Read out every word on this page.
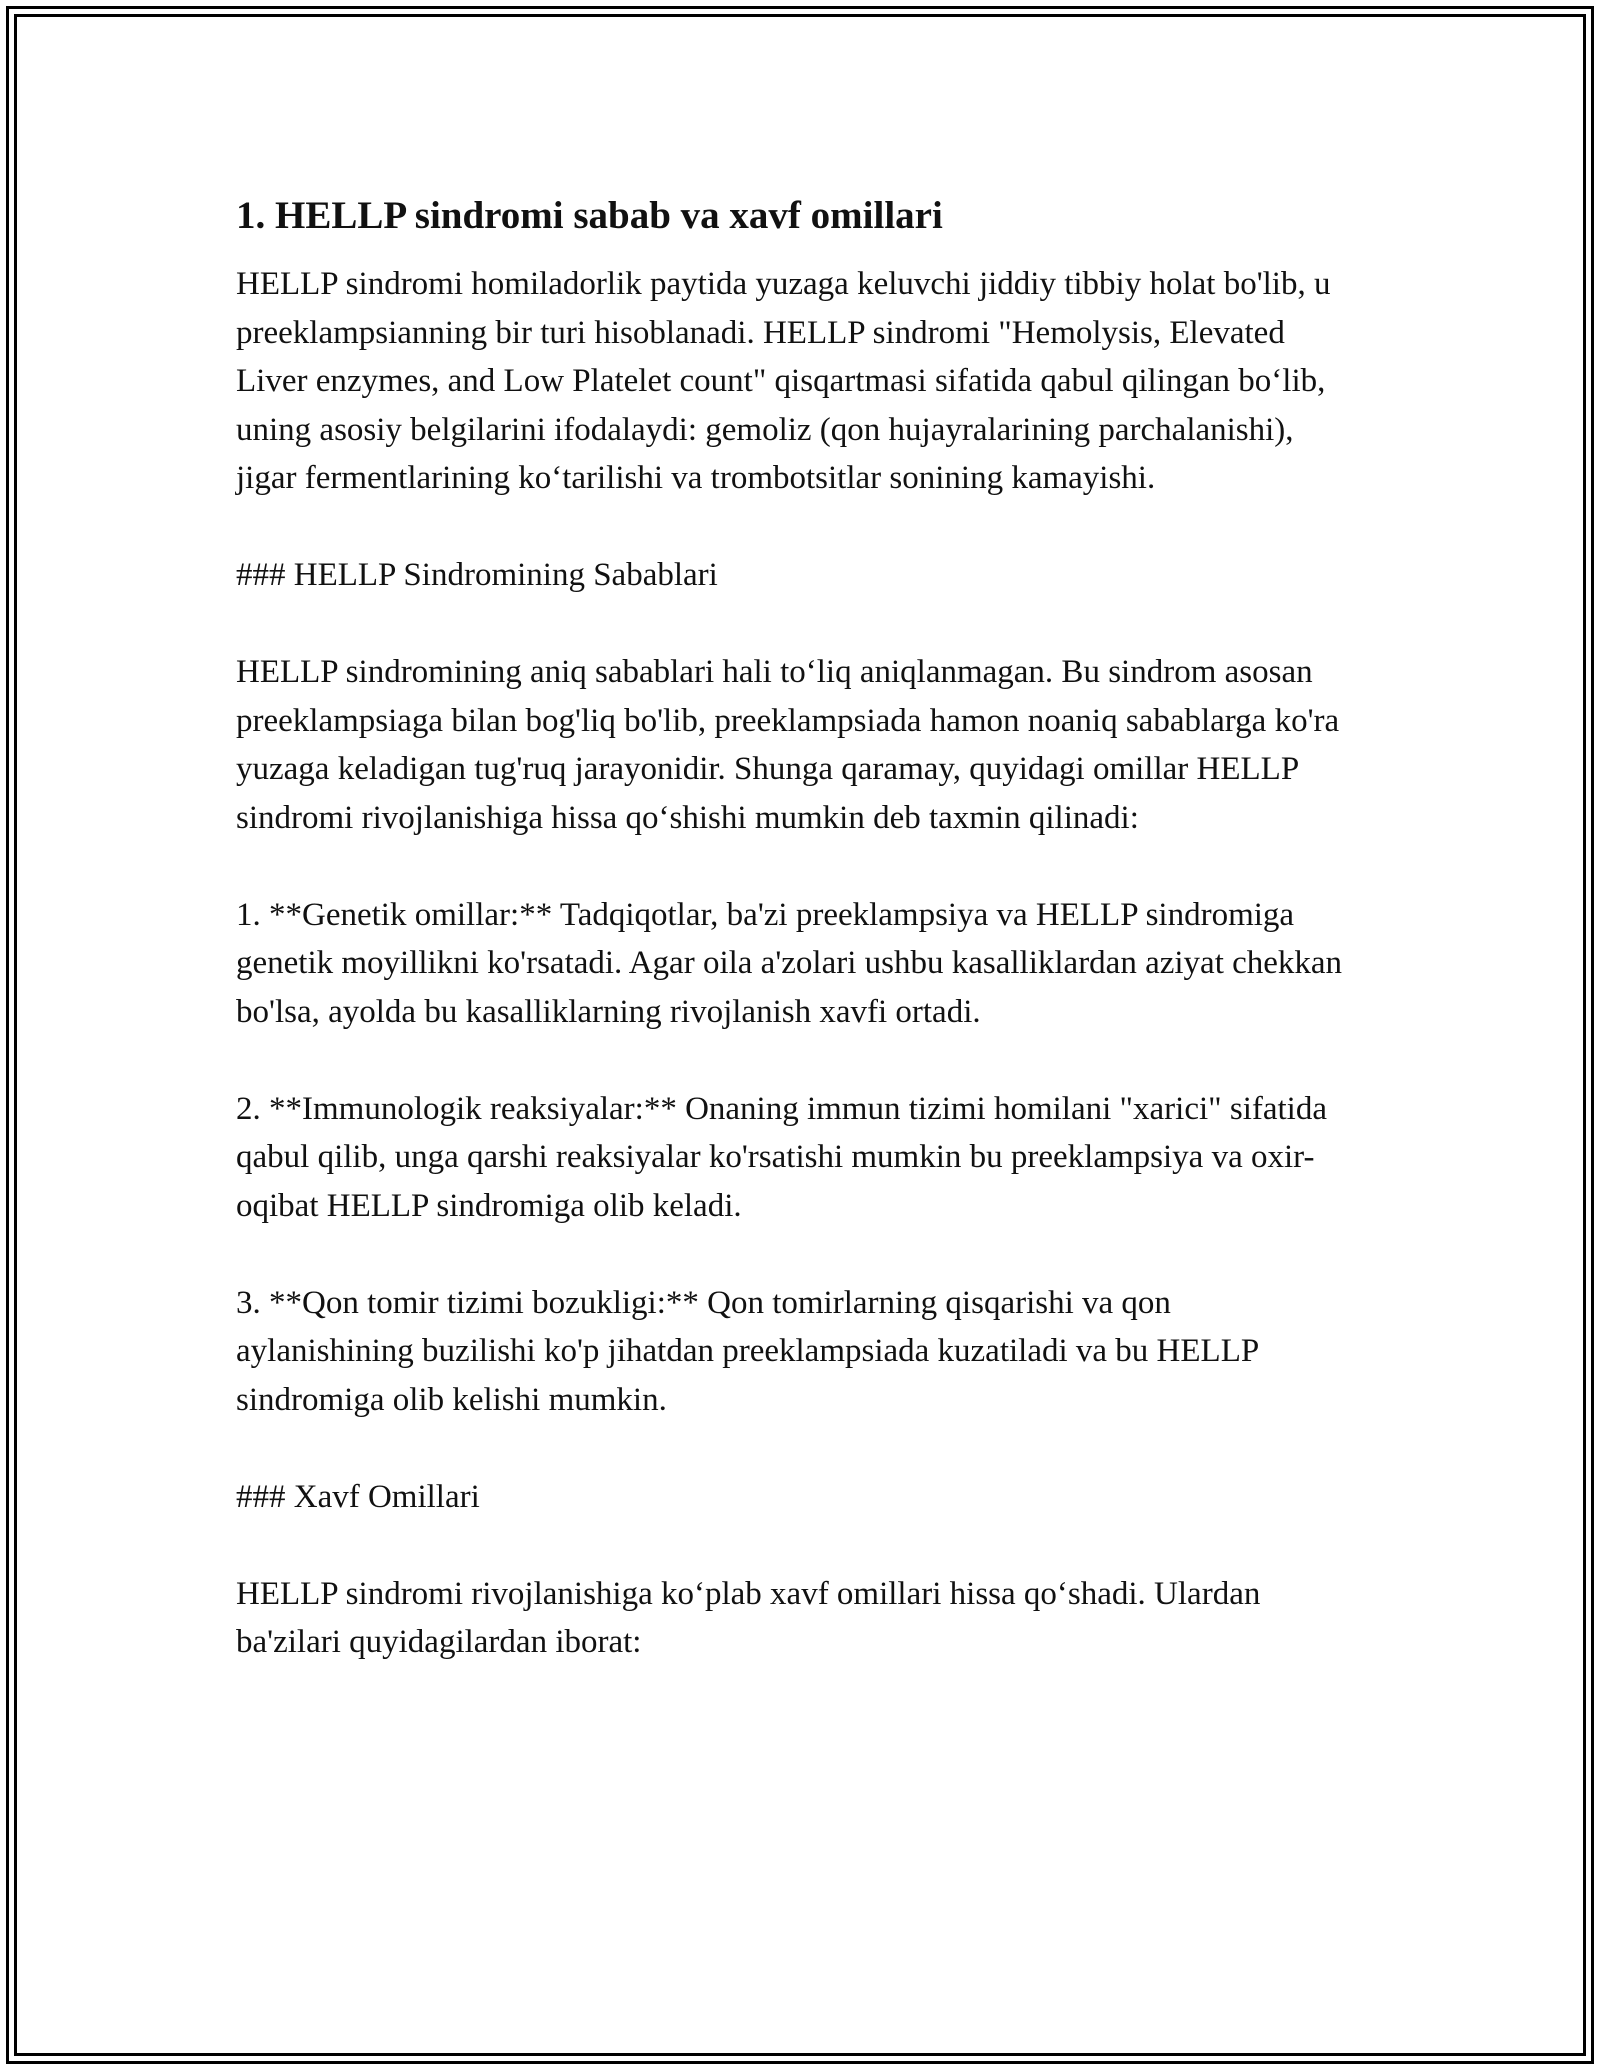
1. HELLP sindromi sabab va xavf omillari

HELLP sindromi homiladorlik paytida yuzaga keluvchi jiddiy tibbiy holat bo'lib, u preeklampsianning bir turi hisoblanadi. HELLP sindromi "Hemolysis, Elevated Liver enzymes, and Low Platelet count" qisqartmasi sifatida qabul qilingan bo‘lib, uning asosiy belgilarini ifodalaydi: gemoliz (qon hujayralarining parchalanishi), jigar fermentlarining ko‘tarilishi va trombotsitlar sonining kamayishi.

### HELLP Sindromining Sabablari

HELLP sindromining aniq sabablari hali to‘liq aniqlanmagan. Bu sindrom asosan preeklampsiaga bilan bog'liq bo'lib, preeklampsiada hamon noaniq sabablarga ko'ra yuzaga keladigan tug'ruq jarayonidir. Shunga qaramay, quyidagi omillar HELLP sindromi rivojlanishiga hissa qo‘shishi mumkin deb taxmin qilinadi:

1. **Genetik omillar:** Tadqiqotlar, ba'zi preeklampsiya va HELLP sindromiga genetik moyillikni ko'rsatadi. Agar oila a'zolari ushbu kasalliklardan aziyat chekkan bo'lsa, ayolda bu kasalliklarning rivojlanish xavfi ortadi.

2. **Immunologik reaksiyalar:** Onaning immun tizimi homilani "xarici" sifatida qabul qilib, unga qarshi reaksiyalar ko'rsatishi mumkin bu preeklampsiya va oxir-oqibat HELLP sindromiga olib keladi.

3. **Qon tomir tizimi bozukligi:** Qon tomirlarning qisqarishi va qon aylanishining buzilishi ko'p jihatdan preeklampsiada kuzatiladi va bu HELLP sindromiga olib kelishi mumkin.

### Xavf Omillari

HELLP sindromi rivojlanishiga ko‘plab xavf omillari hissa qo‘shadi. Ulardan ba'zilari quyidagilardan iborat:
